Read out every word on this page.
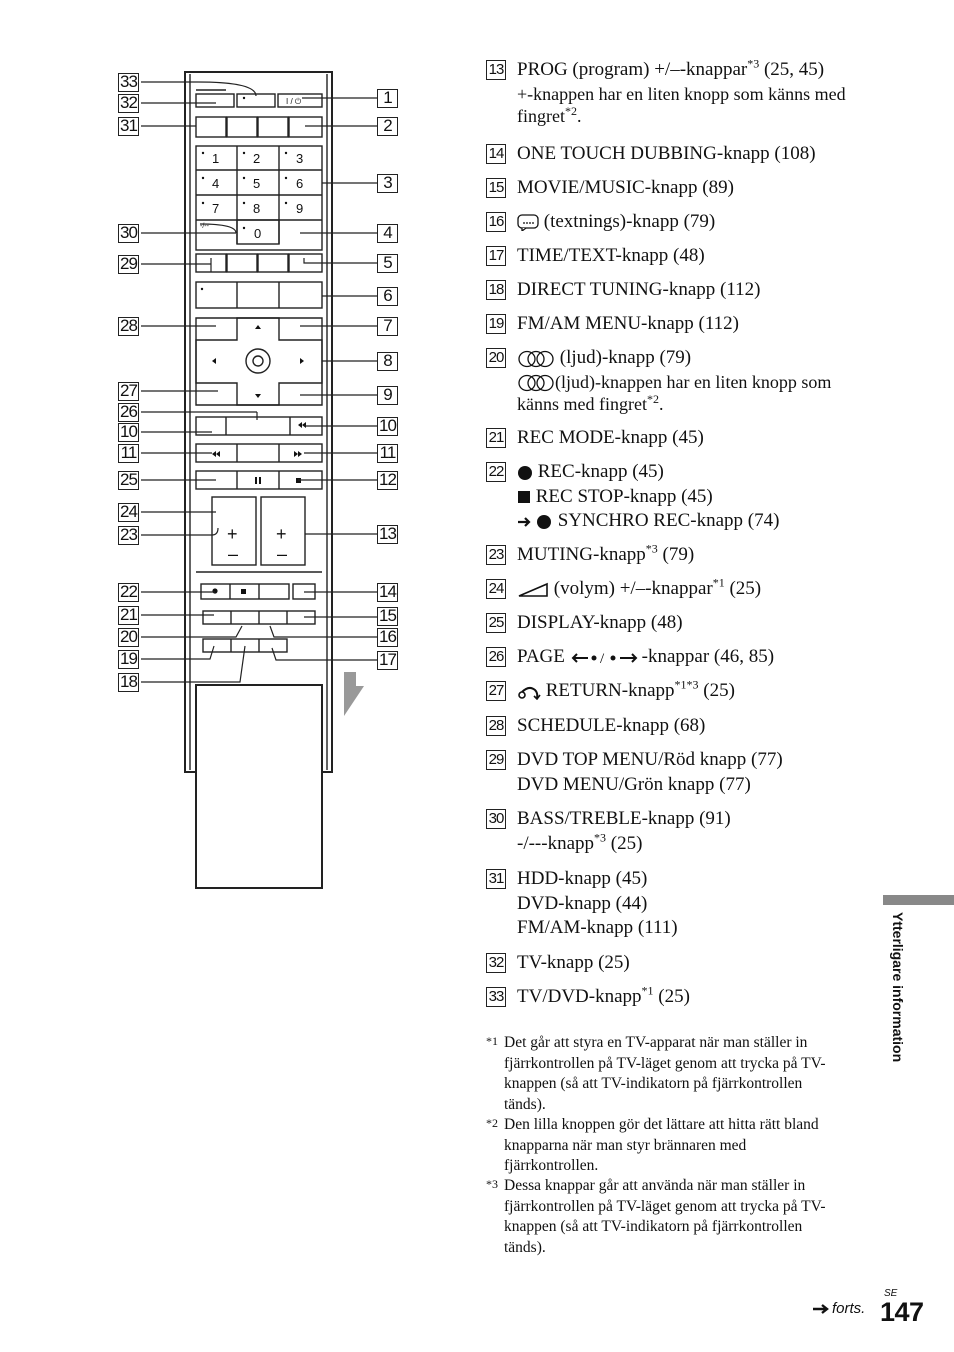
1	2	3
4	5	6
7	8	9
0
I / ⏻
-/--
+ +
– –
33
32
31
30
29
28
27
26
10
11
25
24
23
22
21
20
19
18
1
2
3
4
5
6
7
8
9
10
11
12
13
14
15
16
17
13 PROG (program) +/–-knappar$^{*3}$ (25, 45)
+-knappen har en liten knopp som känns med
fingret$^{*2}$.
14 ONE TOUCH DUBBING-knapp (108)
15 MOVIE/MUSIC-knapp (89)
16	(textnings)-knapp (79)
17 TIME/TEXT-knapp (48)
18 DIRECT TUNING-knapp (112)
19 FM/AM MENU-knapp (112)
20	(ljud)-knapp (79)
(ljud)-knappen har en liten knopp som
känns med fingret$^{*2}$.
21 REC MODE-knapp (45)
22	REC-knapp (45)
REC STOP-knapp (45)
SYNCHRO REC-knapp (74)
23 MUTING-knapp$^{*3}$ (79)
24	(volym) +/–-knappar$^{*1}$ (25)
25 DISPLAY-knapp (48)
26 PAGE / -knappar (46, 85)
27	RETURN-knapp$^{*1*3}$ (25)
28 SCHEDULE-knapp (68)
29 DVD TOP MENU/Röd knapp (77)
DVD MENU/Grön knapp (77)
30 BASS/TREBLE-knapp (91)
-/---knapp$^{*3}$ (25)
31 HDD-knapp (45)
DVD-knapp (44)
FM/AM-knapp (111)
32 TV-knapp (25)
33 TV/DVD-knapp$^{*1}$ (25)
*1 Det går att styra en TV-apparat när man ställer in
fjärrkontrollen på TV-läget genom att trycka på TV-
knappen (så att TV-indikatorn på fjärrkontrollen
tänds).
*2 Den lilla knoppen gör det lättare att hitta rätt bland
knapparna när man styr brännaren med
fjärrkontrollen.
*3 Dessa knappar går att använda när man ställer in
fjärrkontrollen på TV-läget genom att trycka på TV-
knappen (så att TV-indikatorn på fjärrkontrollen
tänds).
Ytterligare information
forts.
SE
147
